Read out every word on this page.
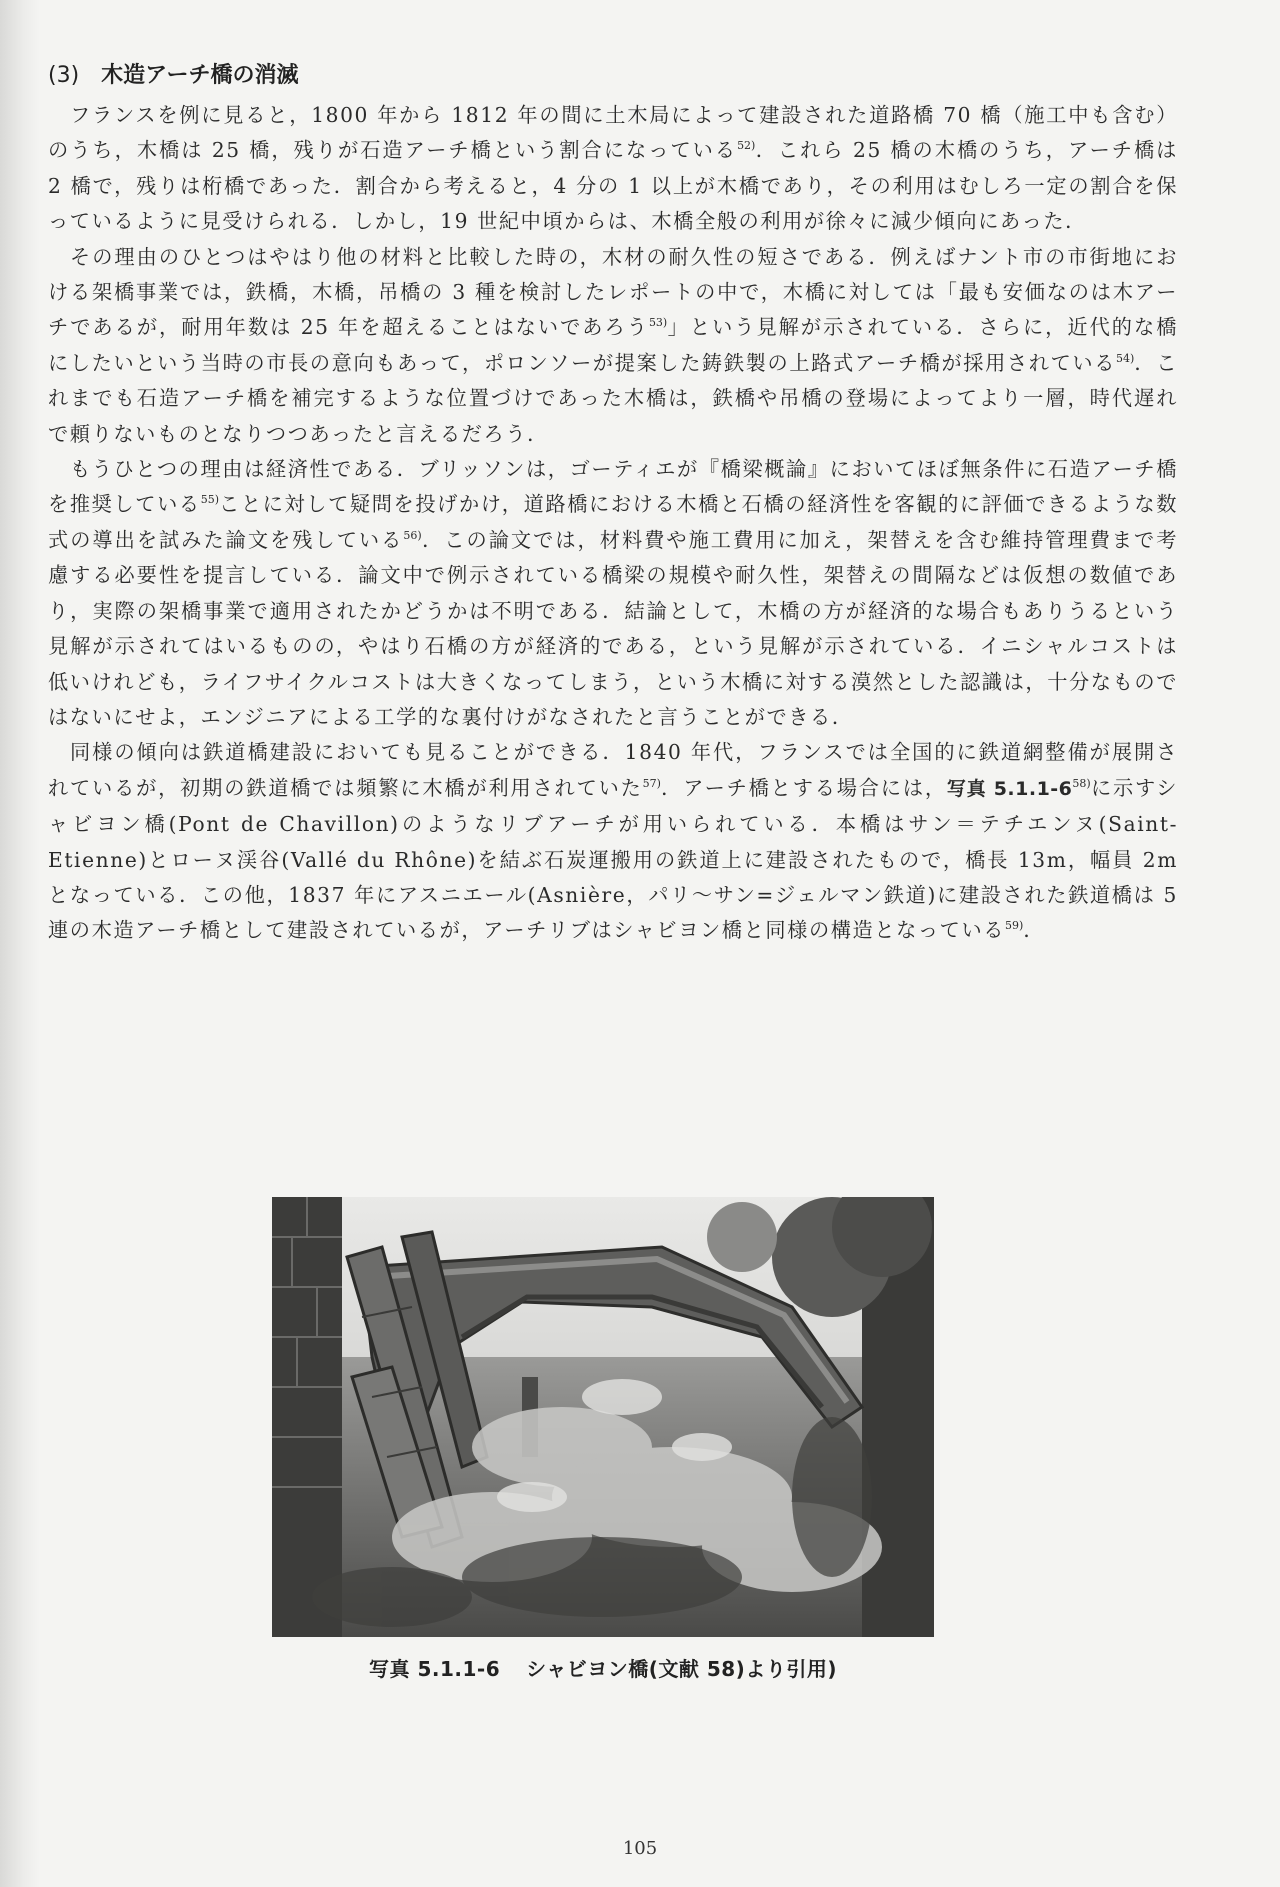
(3) 木造アーチ橋の消滅

フランスを例に見ると，1800 年から 1812 年の間に土木局によって建設された道路橋 70 橋（施工中も含む）のうち，木橋は 25 橋，残りが石造アーチ橋という割合になっている$^{52)}$．これら 25 橋の木橋のうち，アーチ橋は 2 橋で，残りは桁橋であった．割合から考えると，4 分の 1 以上が木橋であり，その利用はむしろ一定の割合を保っているように見受けられる．しかし，19 世紀中頃からは、木橋全般の利用が徐々に減少傾向にあった．

その理由のひとつはやはり他の材料と比較した時の，木材の耐久性の短さである．例えばナント市の市街地における架橋事業では，鉄橋，木橋，吊橋の 3 種を検討したレポートの中で，木橋に対しては「最も安価なのは木アーチであるが，耐用年数は 25 年を超えることはないであろう$^{53)}$」という見解が示されている．さらに，近代的な橋にしたいという当時の市長の意向もあって，ポロンソーが提案した鋳鉄製の上路式アーチ橋が採用されている$^{54)}$．これまでも石造アーチ橋を補完するような位置づけであった木橋は，鉄橋や吊橋の登場によってより一層，時代遅れで頼りないものとなりつつあったと言えるだろう．

もうひとつの理由は経済性である．ブリッソンは，ゴーティエが『橋梁概論』においてほぼ無条件に石造アーチ橋を推奨している$^{55)}$ことに対して疑問を投げかけ，道路橋における木橋と石橋の経済性を客観的に評価できるような数式の導出を試みた論文を残している$^{56)}$．この論文では，材料費や施工費用に加え，架替えを含む維持管理費まで考慮する必要性を提言している．論文中で例示されている橋梁の規模や耐久性，架替えの間隔などは仮想の数値であり，実際の架橋事業で適用されたかどうかは不明である．結論として，木橋の方が経済的な場合もありうるという見解が示されてはいるものの，やはり石橋の方が経済的である，という見解が示されている．イニシャルコストは低いけれども，ライフサイクルコストは大きくなってしまう，という木橋に対する漠然とした認識は，十分なものではないにせよ，エンジニアによる工学的な裏付けがなされたと言うことができる．

同様の傾向は鉄道橋建設においても見ることができる．1840 年代，フランスでは全国的に鉄道網整備が展開されているが，初期の鉄道橋では頻繁に木橋が利用されていた$^{57)}$．アーチ橋とする場合には，写真 5.1.1-6$^{58)}$に示すシャビヨン橋(Pont de Chavillon)のようなリブアーチが用いられている．本橋はサン＝テチエンヌ(Saint-Etienne)とローヌ渓谷(Vallé du Rhône)を結ぶ石炭運搬用の鉄道上に建設されたもので，橋長 13m，幅員 2m となっている．この他，1837 年にアスニエール(Asnière，パリ～サン=ジェルマン鉄道)に建設された鉄道橋は 5 連の木造アーチ橋として建設されているが，アーチリブはシャビヨン橋と同様の構造となっている$^{59)}$．

写真 5.1.1-6 シャビヨン橋(文献 58)より引用)
105
